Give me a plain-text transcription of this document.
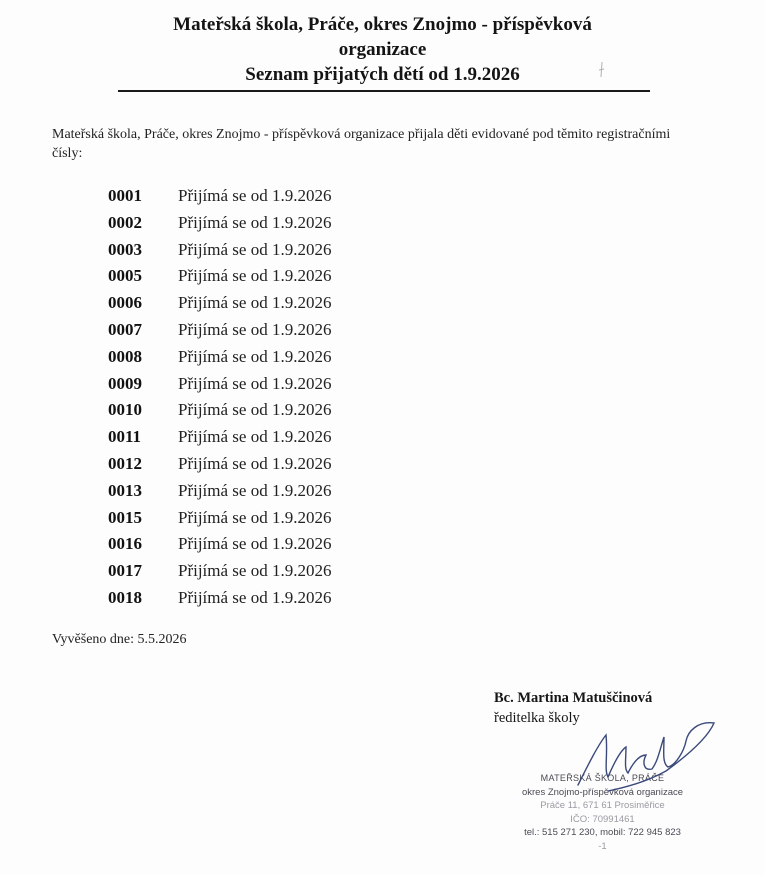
Mateřská škola, Práče, okres Znojmo - příspěvková
organizace
Seznam přijatých dětí od 1.9.2026
Mateřská škola, Práče, okres Znojmo - příspěvková organizace přijala děti evidované pod těmito registračními čísly:
0001 Přijímá se od 1.9.2026
0002 Přijímá se od 1.9.2026
0003 Přijímá se od 1.9.2026
0005 Přijímá se od 1.9.2026
0006 Přijímá se od 1.9.2026
0007 Přijímá se od 1.9.2026
0008 Přijímá se od 1.9.2026
0009 Přijímá se od 1.9.2026
0010 Přijímá se od 1.9.2026
0011 Přijímá se od 1.9.2026
0012 Přijímá se od 1.9.2026
0013 Přijímá se od 1.9.2026
0015 Přijímá se od 1.9.2026
0016 Přijímá se od 1.9.2026
0017 Přijímá se od 1.9.2026
0018 Přijímá se od 1.9.2026
Vyvěšeno dne: 5.5.2026
Bc. Martina Matuščinová
ředitelka školy
MATEŘSKÁ ŠKOLA, PRÁČE
okres Znojmo-příspěvková organizace
Práče 11, 671 61 Prosiměřice
IČO: 70991461
tel.: 515 271 230, mobil: 722 945 823
-1
